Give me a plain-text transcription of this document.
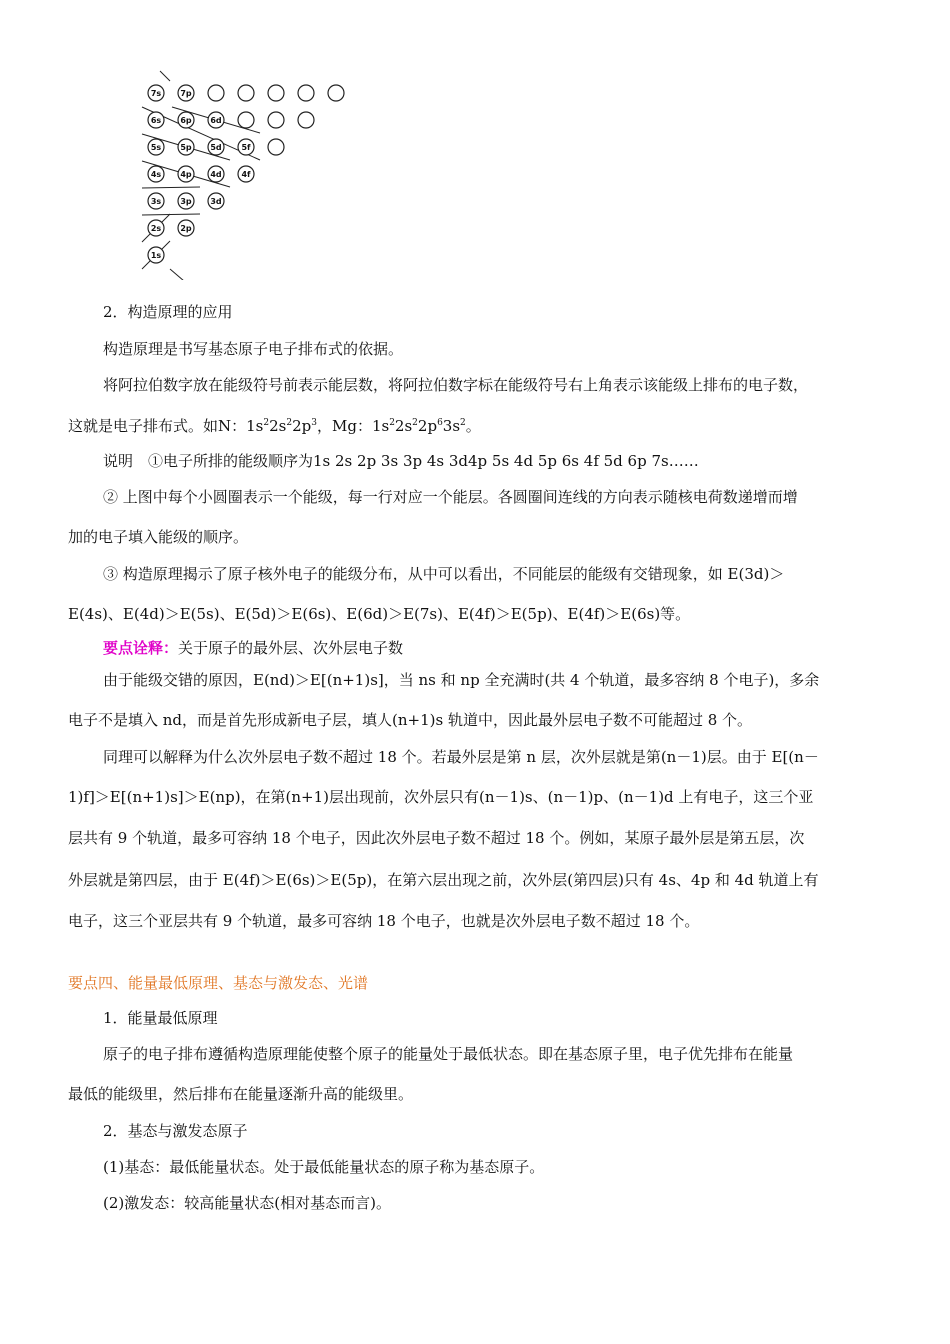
7s 7p
6s 6p 6d
5s 5p 5d 5f
4s 4p 4d 4f
3s 3p 3d
2s 2p
1s
2．构造原理的应用
构造原理是书写基态原子电子排布式的依据。
将阿拉伯数字放在能级符号前表示能层数，将阿拉伯数字标在能级符号右上角表示该能级上排布的电子数，
这就是电子排布式。如N：$1s^22s^22p^3$，Mg：$1s^22s^22p^63s^2$。
说明　①电子所排的能级顺序为1s 2s 2p 3s 3p 4s 3d4p 5s 4d 5p 6s 4f 5d 6p 7s……
② 上图中每个小圆圈表示一个能级，每一行对应一个能层。各圆圈间连线的方向表示随核电荷数递增而增
加的电子填入能级的顺序。
③ 构造原理揭示了原子核外电子的能级分布，从中可以看出，不同能层的能级有交错现象，如 E(3d)＞
E(4s)、E(4d)＞E(5s)、E(5d)＞E(6s)、E(6d)＞E(7s)、E(4f)＞E(5p)、E(4f)＞E(6s)等。
要点诠释：关于原子的最外层、次外层电子数
由于能级交错的原因，E(nd)＞E[(n+1)s]，当 ns 和 np 全充满时(共 4 个轨道，最多容纳 8 个电子)，多余
电子不是填入 nd，而是首先形成新电子层，填人(n+1)s 轨道中，因此最外层电子数不可能超过 8 个。
同理可以解释为什么次外层电子数不超过 18 个。若最外层是第 n 层，次外层就是第(n－1)层。由于 E[(n－
1)f]＞E[(n+1)s]＞E(np)，在第(n+1)层出现前，次外层只有(n－1)s、(n－1)p、(n－1)d 上有电子，这三个亚
层共有 9 个轨道，最多可容纳 18 个电子，因此次外层电子数不超过 18 个。例如，某原子最外层是第五层，次
外层就是第四层，由于 E(4f)＞E(6s)＞E(5p)，在第六层出现之前，次外层(第四层)只有 4s、4p 和 4d 轨道上有
电子，这三个亚层共有 9 个轨道，最多可容纳 18 个电子，也就是次外层电子数不超过 18 个。
要点四、能量最低原理、基态与激发态、光谱
1．能量最低原理
原子的电子排布遵循构造原理能使整个原子的能量处于最低状态。即在基态原子里，电子优先排布在能量
最低的能级里，然后排布在能量逐渐升高的能级里。
2．基态与激发态原子
(1)基态：最低能量状态。处于最低能量状态的原子称为基态原子。
(2)激发态：较高能量状态(相对基态而言)。
